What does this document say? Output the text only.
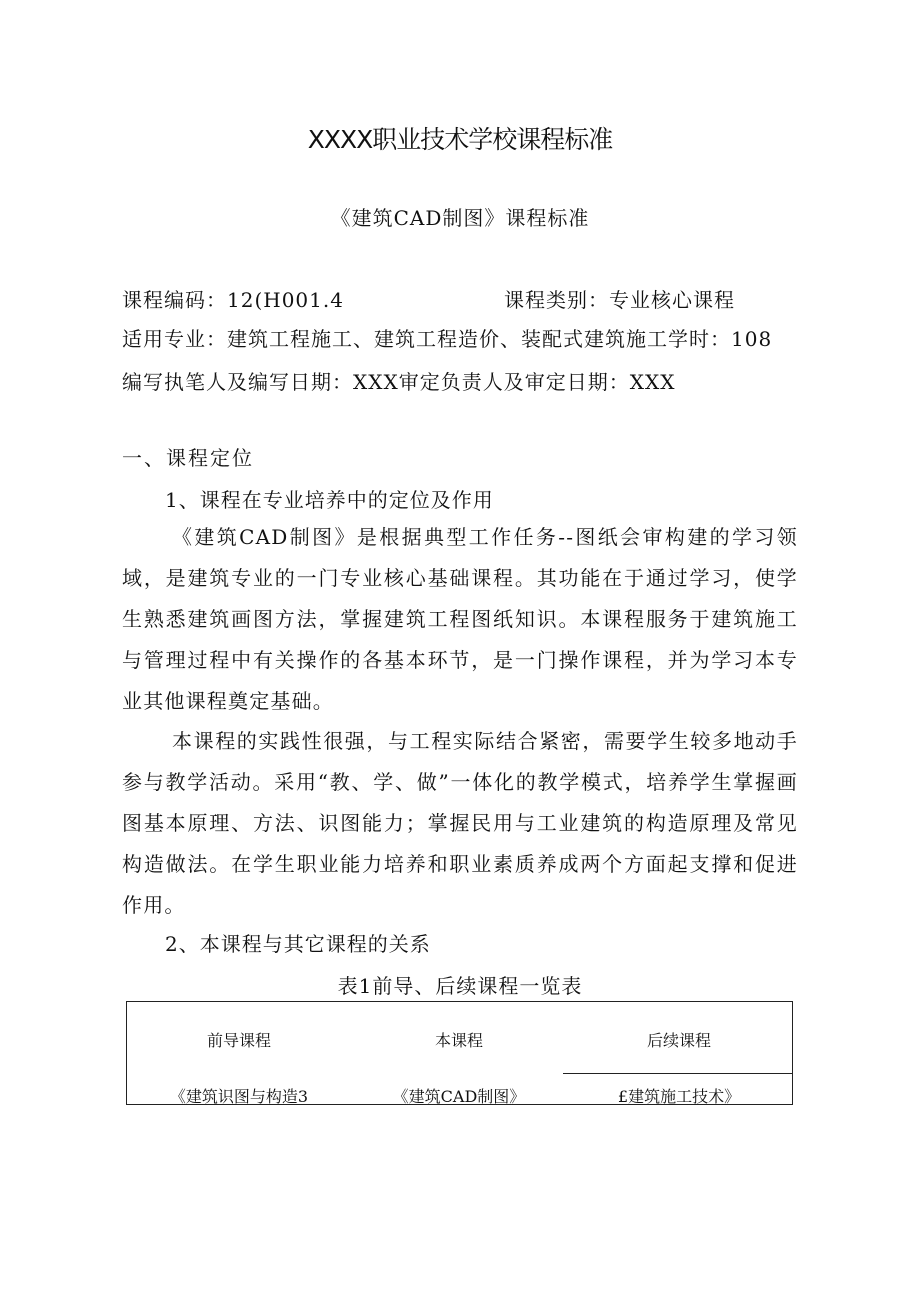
XXXX职业技术学校课程标准
《建筑CAD制图》课程标准
课程编码：12(H001.4	课程类别：专业核心课程
适用专业：建筑工程施工、建筑工程造价、装配式建筑施工学时：108
编写执笔人及编写日期：XXX审定负责人及审定日期：XXX
一、课程定位
1、课程在专业培养中的定位及作用

《建筑CAD制图》是根据典型工作任务--图纸会审构建的学习领域，是建筑专业的一门专业核心基础课程。其功能在于通过学习，使学生熟悉建筑画图方法，掌握建筑工程图纸知识。本课程服务于建筑施工与管理过程中有关操作的各基本环节，是一门操作课程，并为学习本专业其他课程奠定基础。

本课程的实践性很强，与工程实际结合紧密，需要学生较多地动手参与教学活动。采用“教、学、做”一体化的教学模式，培养学生掌握画图基本原理、方法、识图能力；掌握民用与工业建筑的构造原理及常见构造做法。在学生职业能力培养和职业素质养成两个方面起支撑和促进作用。

2、本课程与其它课程的关系
表1前导、后续课程一览表
前导课程	本课程	后续课程
《建筑识图与构造3	《建筑CAD制图》	£建筑施工技术》
